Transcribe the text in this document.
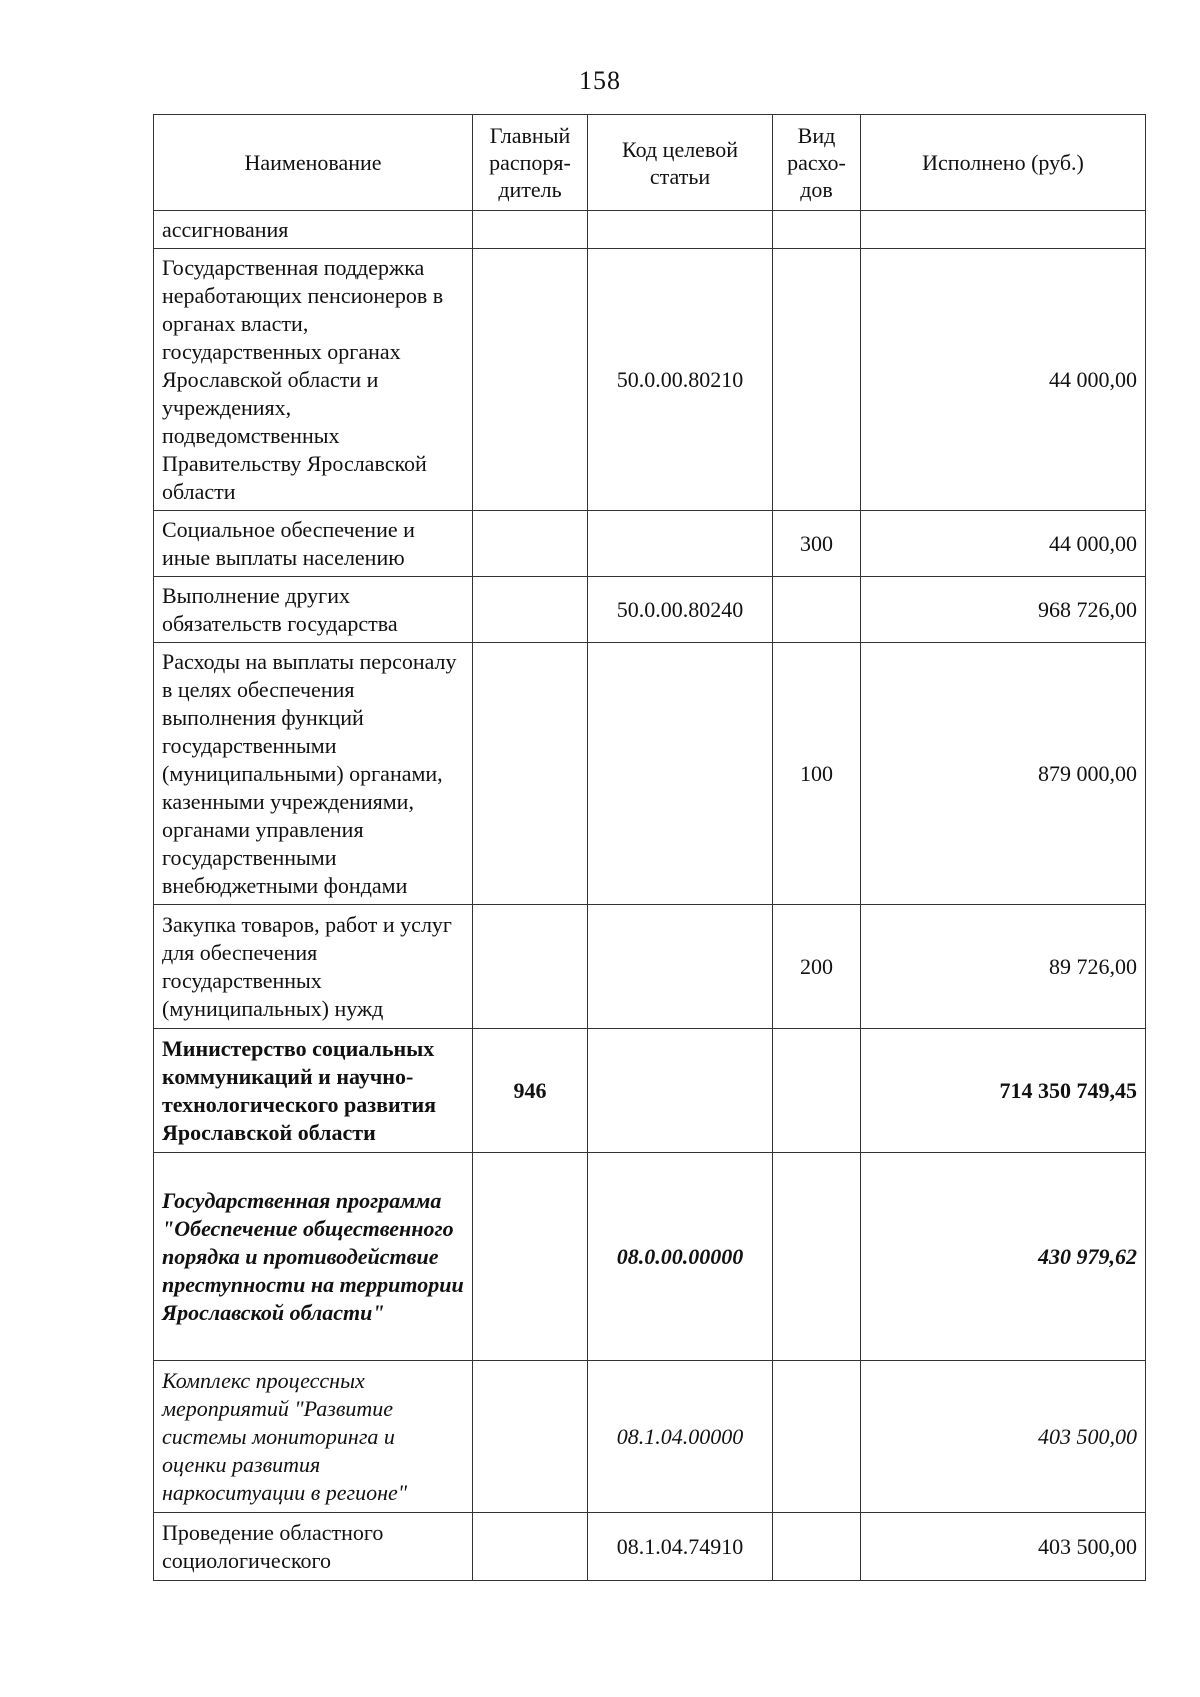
158
Наименование	Главный распоря-дитель	Код целевой статьи	Вид расхо-дов	Исполнено (руб.)
ассигнования				
Государственная поддержка неработающих пенсионеров в органах власти, государственных органах Ярославской области и учреждениях, подведомственных Правительству Ярославской области		50.0.00.80210		44 000,00
Социальное обеспечение и иные выплаты населению			300	44 000,00
Выполнение других обязательств государства		50.0.00.80240		968 726,00
Расходы на выплаты персоналу в целях обеспечения выполнения функций государственными (муниципальными) органами, казенными учреждениями, органами управления государственными внебюджетными фондами			100	879 000,00
Закупка товаров, работ и услуг для обеспечения государственных (муниципальных) нужд			200	89 726,00
Министерство социальных коммуникаций и научно-технологического развития Ярославской области	946			714 350 749,45
Государственная программа "Обеспечение общественного порядка и противодействие преступности на территории Ярославской области"		08.0.00.00000		430 979,62
Комплекс процессных мероприятий "Развитие системы мониторинга и оценки развития наркоситуации в регионе"		08.1.04.00000		403 500,00
Проведение областного социологического		08.1.04.74910		403 500,00
